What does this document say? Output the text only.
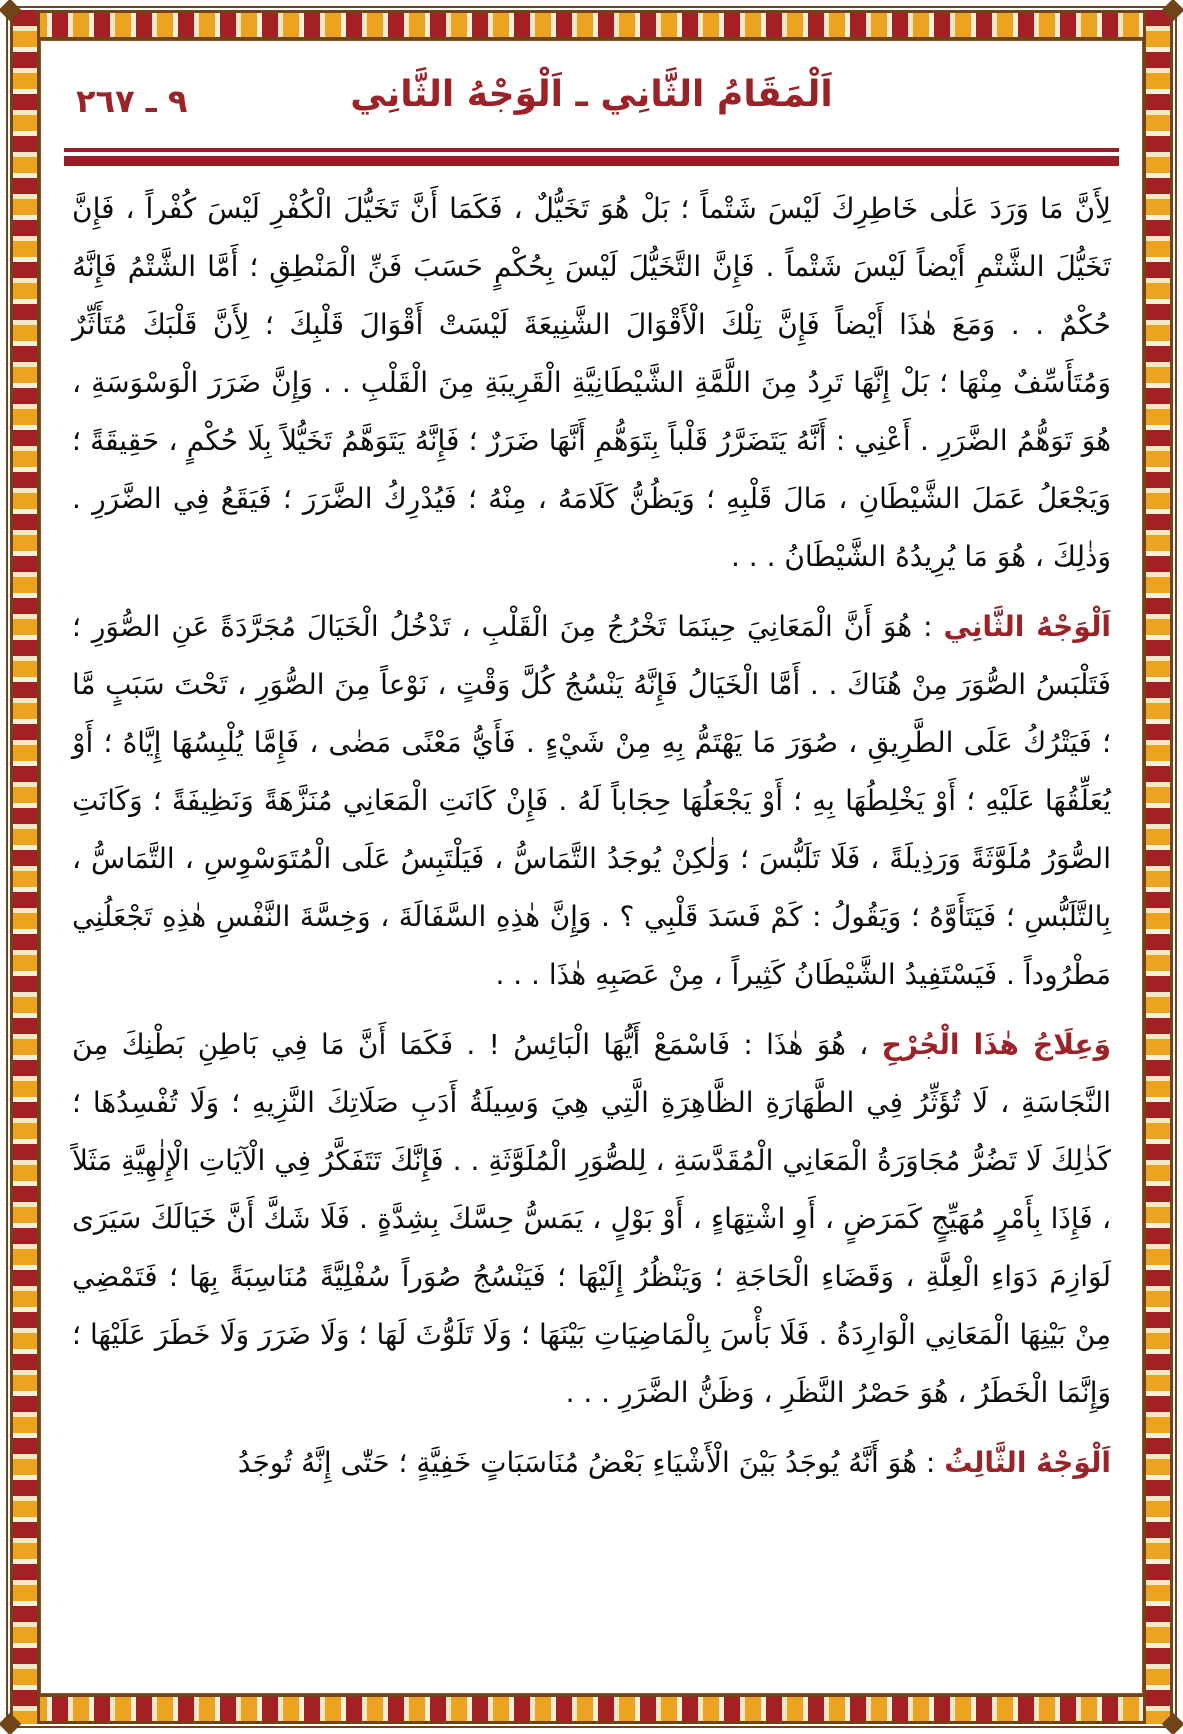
٩ ـ ٢٦٧	اَلْمَقَامُ الثَّانِي ـ اَلْوَجْهُ الثَّانِي

لِأَنَّ مَا وَرَدَ عَلٰى خَاطِرِكَ لَيْسَ شَتْماً ؛ بَلْ هُوَ تَخَيُّلٌ ، فَكَمَا أَنَّ تَخَيُّلَ الْكُفْرِ لَيْسَ كُفْراً ، فَإِنَّ تَخَيُّلَ الشَّتْمِ أَيْضاً لَيْسَ شَتْماً . فَإِنَّ التَّخَيُّلَ لَيْسَ بِحُكْمٍ حَسَبَ فَنِّ الْمَنْطِقِ ؛ أَمَّا الشَّتْمُ فَإِنَّهُ حُكْمٌ . . وَمَعَ هٰذَا أَيْضاً فَإِنَّ تِلْكَ الْأَقْوَالَ الشَّنِيعَةَ لَيْسَتْ أَقْوَالَ قَلْبِكَ ؛ لِأَنَّ قَلْبَكَ مُتَأَثِّرٌ وَمُتَأَسِّفٌ مِنْهَا ؛ بَلْ إِنَّهَا تَرِدُ مِنَ اللَّمَّةِ الشَّيْطَانِيَّةِ الْقَرِيبَةِ مِنَ الْقَلْبِ . . وَإِنَّ ضَرَرَ الْوَسْوَسَةِ ، هُوَ تَوَهُّمُ الضَّرَرِ . أَعْنِي : أَنَّهُ يَتَضَرَّرُ قَلْباً بِتَوَهُّمِ أَنَّهَا ضَرَرٌ ؛ فَإِنَّهُ يَتَوَهَّمُ تَخَيُّلاً بِلَا حُكْمٍ ، حَقِيقَةً ؛ وَيَجْعَلُ عَمَلَ الشَّيْطَانِ ، مَالَ قَلْبِهِ ؛ وَيَظُنُّ كَلَامَهُ ، مِنْهُ ؛ فَيُدْرِكُ الضَّرَرَ ؛ فَيَقَعُ فِي الضَّرَرِ . وَذٰلِكَ ، هُوَ مَا يُرِيدُهُ الشَّيْطَانُ . . .

اَلْوَجْهُ الثَّانِي : هُوَ أَنَّ الْمَعَانِيَ حِينَمَا تَخْرُجُ مِنَ الْقَلْبِ ، تَدْخُلُ الْخَيَالَ مُجَرَّدَةً عَنِ الصُّوَرِ ؛ فَتَلْبَسُ الصُّوَرَ مِنْ هُنَاكَ . . أَمَّا الْخَيَالُ فَإِنَّهُ يَنْسُجُ كُلَّ وَقْتٍ ، نَوْعاً مِنَ الصُّوَرِ ، تَحْتَ سَبَبٍ مَّا ؛ فَيَتْرُكُ عَلَى الطَّرِيقِ ، صُوَرَ مَا يَهْتَمُّ بِهِ مِنْ شَيْءٍ . فَأَيُّ مَعْنًى مَضٰى ، فَإِمَّا يُلْبِسُهَا إِيَّاهُ ؛ أَوْ يُعَلِّقُهَا عَلَيْهِ ؛ أَوْ يَخْلِطُهَا بِهِ ؛ أَوْ يَجْعَلُهَا حِجَاباً لَهُ . فَإِنْ كَانَتِ الْمَعَانِي مُنَزَّهَةً وَنَظِيفَةً ؛ وَكَانَتِ الصُّوَرُ مُلَوَّثَةً وَرَذِيلَةً ، فَلَا تَلَبُّسَ ؛ وَلٰكِنْ يُوجَدُ التَّمَاسُّ ، فَيَلْتَبِسُ عَلَى الْمُتَوَسْوِسِ ، التَّمَاسُّ ، بِالتَّلَبُّسِ ؛ فَيَتَأَوَّهُ ؛ وَيَقُولُ : كَمْ فَسَدَ قَلْبِي ؟ . وَإِنَّ هٰذِهِ السَّفَالَةَ ، وَخِسَّةَ النَّفْسِ هٰذِهِ تَجْعَلُنِي مَطْرُوداً . فَيَسْتَفِيدُ الشَّيْطَانُ كَثِيراً ، مِنْ عَصَبِهِ هٰذَا . . .

وَعِلَاجُ هٰذَا الْجُرْحِ ، هُوَ هٰذَا : فَاسْمَعْ أَيُّهَا الْبَائِسُ ! . فَكَمَا أَنَّ مَا فِي بَاطِنِ بَطْنِكَ مِنَ النَّجَاسَةِ ، لَا تُؤَثِّرُ فِي الطَّهَارَةِ الظَّاهِرَةِ الَّتِي هِيَ وَسِيلَةُ أَدَبِ صَلَاتِكَ النَّزِيهِ ؛ وَلَا تُفْسِدُهَا ؛ كَذٰلِكَ لَا تَضُرُّ مُجَاوَرَةُ الْمَعَانِي الْمُقَدَّسَةِ ، لِلصُّوَرِ الْمُلَوَّثَةِ . . فَإِنَّكَ تَتَفَكَّرُ فِي الْآيَاتِ الْإِلٰهِيَّةِ مَثَلاً ، فَإِذَا بِأَمْرٍ مُهَيِّجٍ كَمَرَضٍ ، أَوِ اشْتِهَاءٍ ، أَوْ بَوْلٍ ، يَمَسُّ حِسَّكَ بِشِدَّةٍ . فَلَا شَكَّ أَنَّ خَيَالَكَ سَيَرَى لَوَازِمَ دَوَاءِ الْعِلَّةِ ، وَقَضَاءِ الْحَاجَةِ ؛ وَيَنْظُرُ إِلَيْهَا ؛ فَيَنْسُجُ صُوَراً سُفْلِيَّةً مُنَاسِبَةً بِهَا ؛ فَتَمْضِي مِنْ بَيْنِهَا الْمَعَانِي الْوَارِدَةُ . فَلَا بَأْسَ بِالْمَاضِيَاتِ بَيْنَهَا ؛ وَلَا تَلَوُّثَ لَهَا ؛ وَلَا ضَرَرَ وَلَا خَطَرَ عَلَيْهَا ؛ وَإِنَّمَا الْخَطَرُ ، هُوَ حَصْرُ النَّظَرِ ، وَظَنُّ الضَّرَرِ . . .

اَلْوَجْهُ الثَّالِثُ : هُوَ أَنَّهُ يُوجَدُ بَيْنَ الْأَشْيَاءِ بَعْضُ مُنَاسَبَاتٍ خَفِيَّةٍ ؛ حَتّٰى إِنَّهُ تُوجَدُ
